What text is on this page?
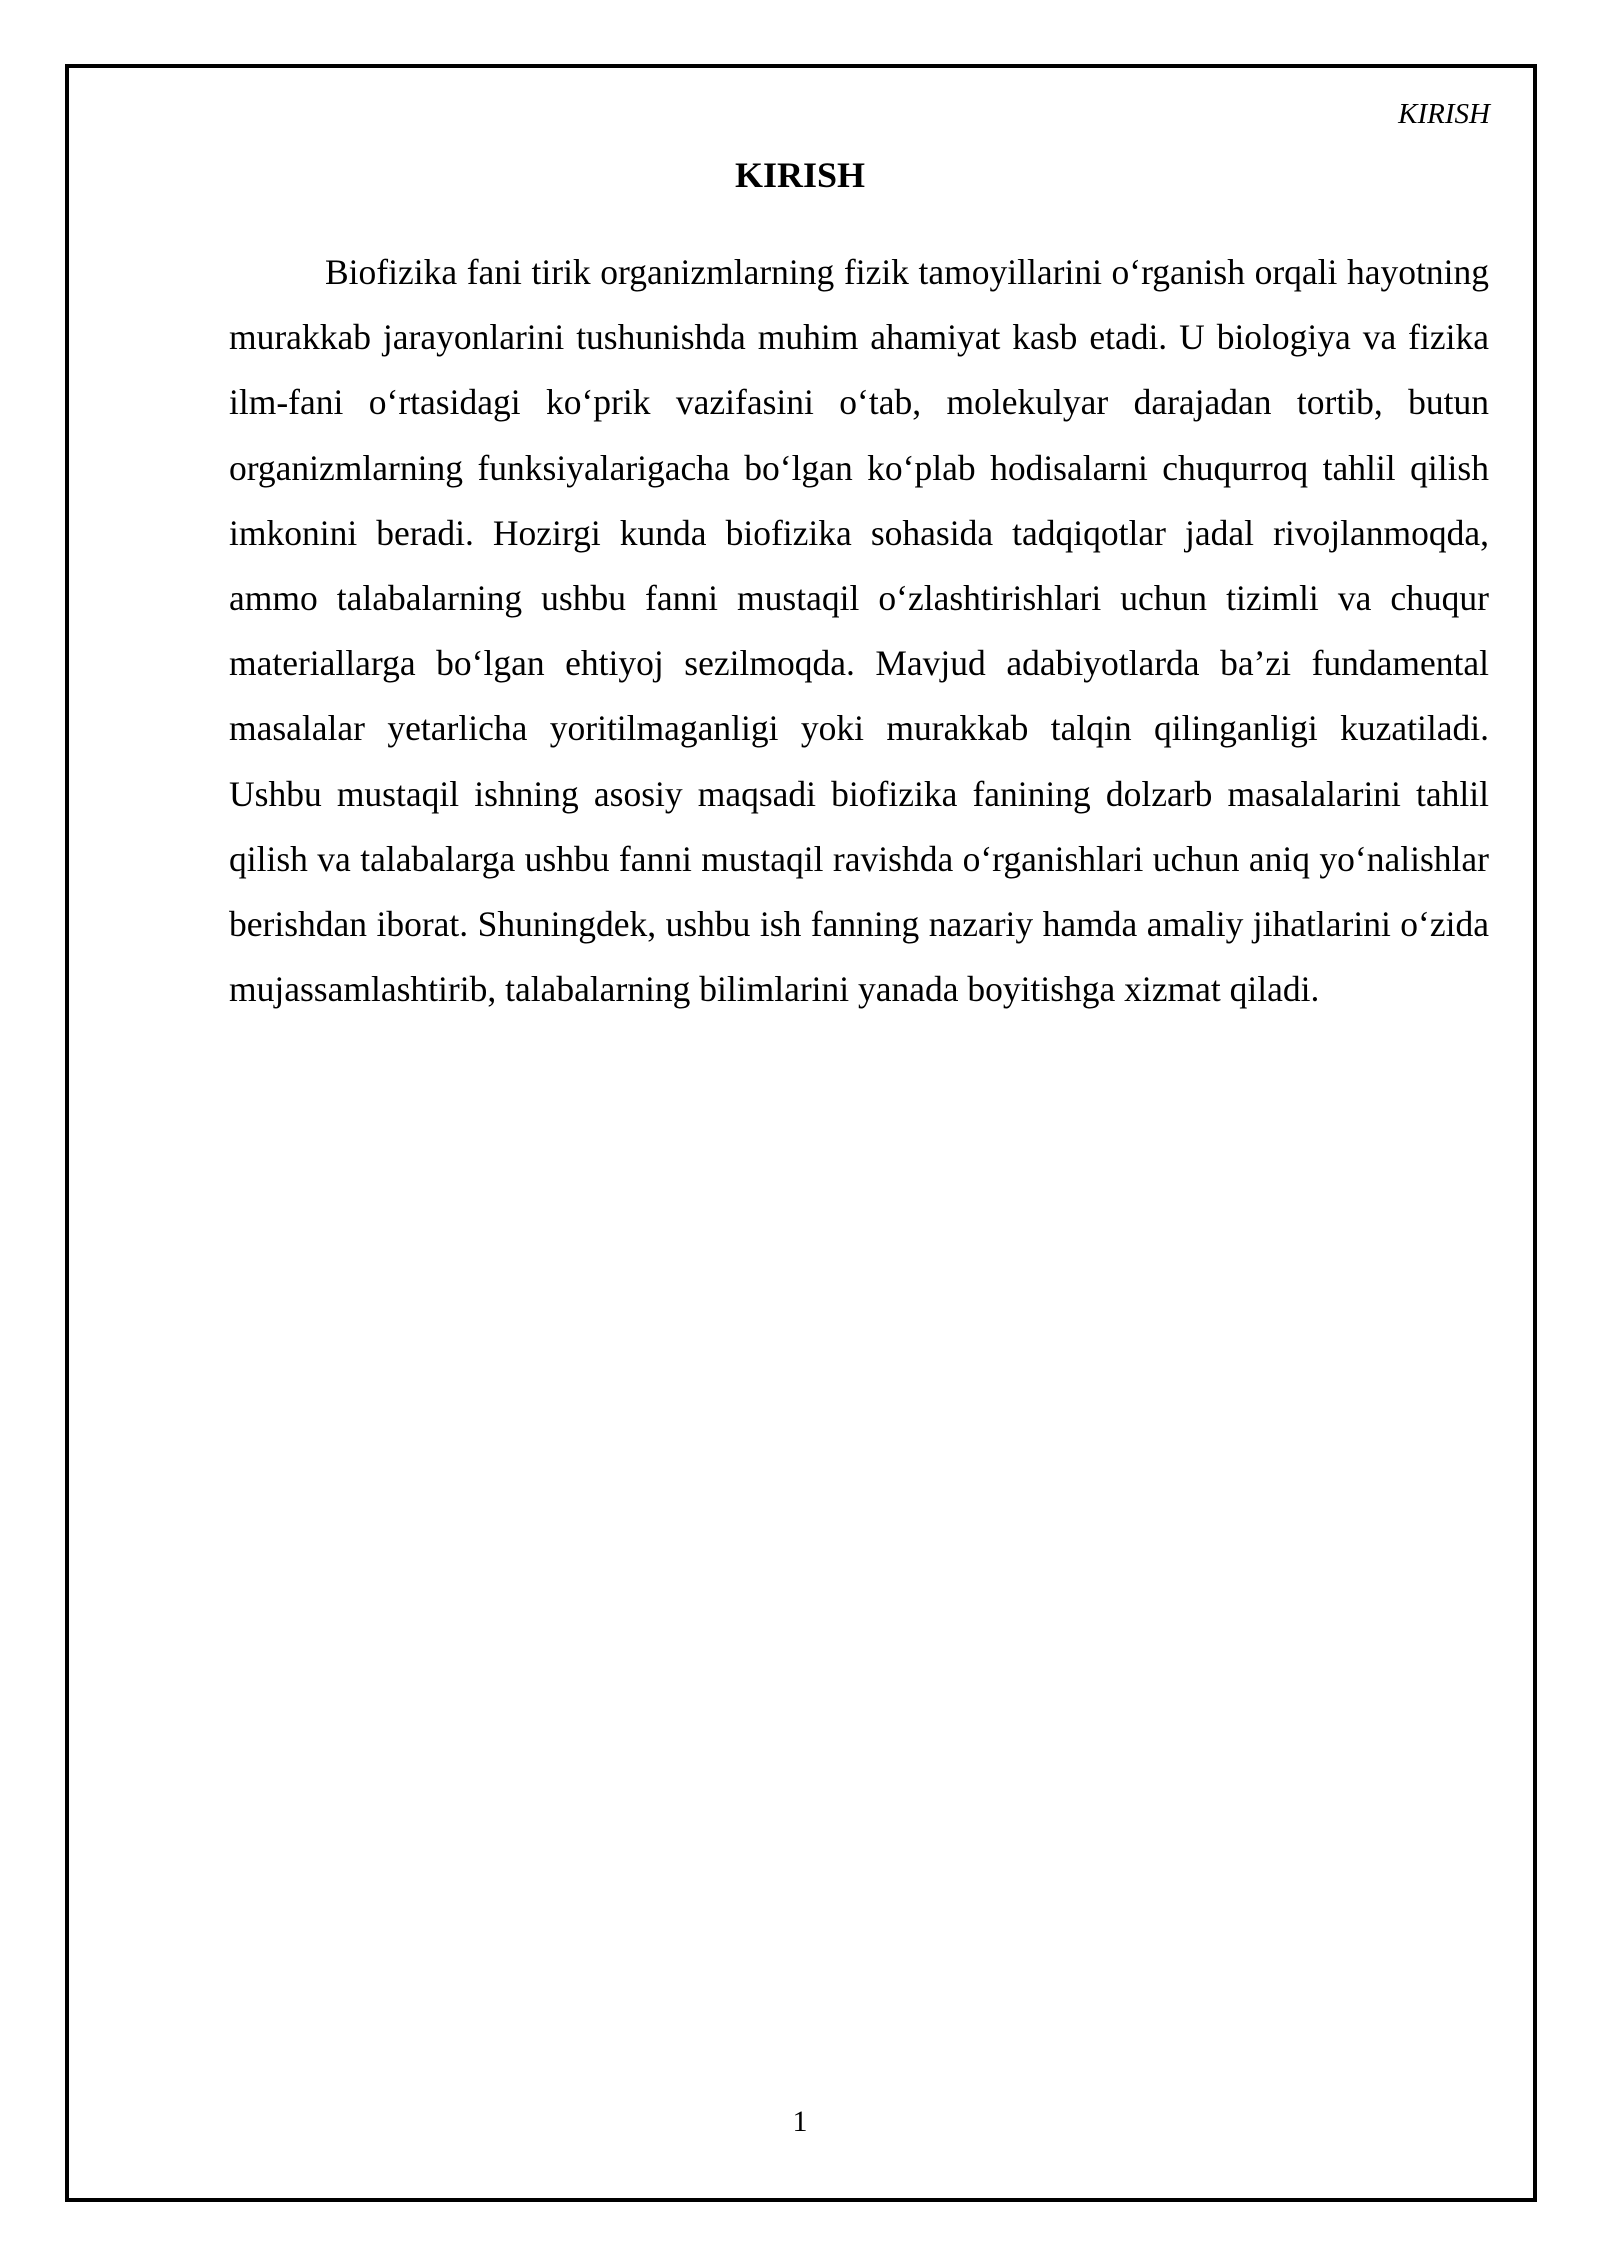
KIRISH
KIRISH

Biofizika fani tirik organizmlarning fizik tamoyillarini o‘rganish orqali hayotning murakkab jarayonlarini tushunishda muhim ahamiyat kasb etadi. U biologiya va fizika ilm-fani o‘rtasidagi ko‘prik vazifasini o‘tab, molekulyar darajadan tortib, butun organizmlarning funksiyalarigacha bo‘lgan ko‘plab hodisalarni chuqurroq tahlil qilish imkonini beradi. Hozirgi kunda biofizika sohasida tadqiqotlar jadal rivojlanmoqda, ammo talabalarning ushbu fanni mustaqil o‘zlashtirishlari uchun tizimli va chuqur materiallarga bo‘lgan ehtiyoj sezilmoqda. Mavjud adabiyotlarda ba’zi fundamental masalalar yetarlicha yoritilmaganligi yoki murakkab talqin qilinganligi kuzatiladi. Ushbu mustaqil ishning asosiy maqsadi biofizika fanining dolzarb masalalarini tahlil qilish va talabalarga ushbu fanni mustaqil ravishda o‘rganishlari uchun aniq yo‘nalishlar berishdan iborat. Shuningdek, ushbu ish fanning nazariy hamda amaliy jihatlarini o‘zida mujassamlashtirib, talabalarning bilimlarini yanada boyitishga xizmat qiladi.

1
